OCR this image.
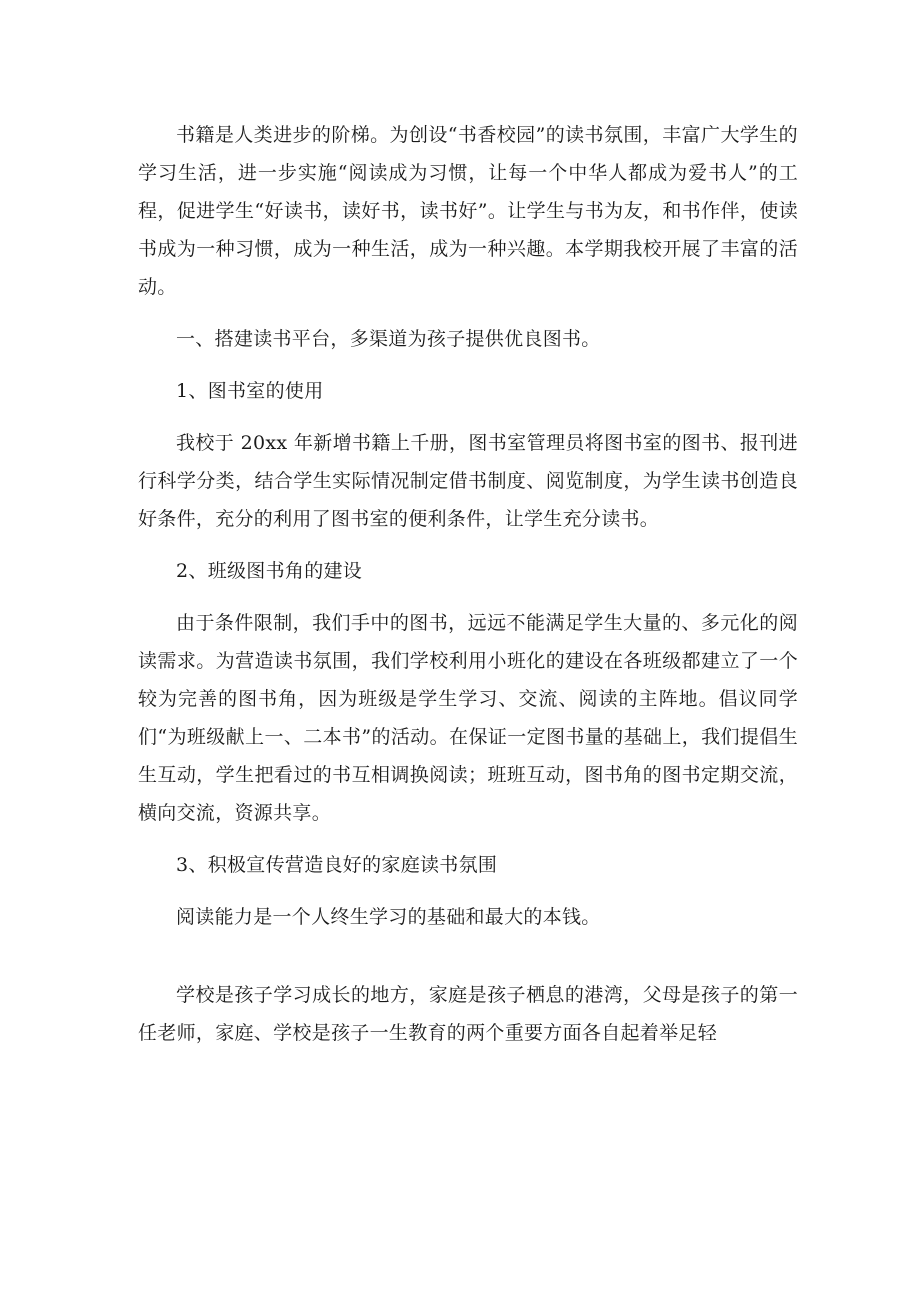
书籍是人类进步的阶梯。为创设“书香校园”的读书氛围，丰富广大学生的学习生活，进一步实施“阅读成为习惯，让每一个中华人都成为爱书人”的工程，促进学生“好读书，读好书，读书好”。让学生与书为友，和书作伴，使读书成为一种习惯，成为一种生活，成为一种兴趣。本学期我校开展了丰富的活动。

一、搭建读书平台，多渠道为孩子提供优良图书。

1、图书室的使用

我校于 20xx 年新增书籍上千册，图书室管理员将图书室的图书、报刊进行科学分类，结合学生实际情况制定借书制度、阅览制度，为学生读书创造良好条件，充分的利用了图书室的便利条件，让学生充分读书。

2、班级图书角的建设

由于条件限制，我们手中的图书，远远不能满足学生大量的、多元化的阅读需求。为营造读书氛围，我们学校利用小班化的建设在各班级都建立了一个较为完善的图书角，因为班级是学生学习、交流、阅读的主阵地。倡议同学们“为班级献上一、二本书”的活动。在保证一定图书量的基础上，我们提倡生生互动，学生把看过的书互相调换阅读；班班互动，图书角的图书定期交流，横向交流，资源共享。

3、积极宣传营造良好的家庭读书氛围

阅读能力是一个人终生学习的基础和最大的本钱。

学校是孩子学习成长的地方，家庭是孩子栖息的港湾，父母是孩子的第一任老师，家庭、学校是孩子一生教育的两个重要方面各自起着举足轻
